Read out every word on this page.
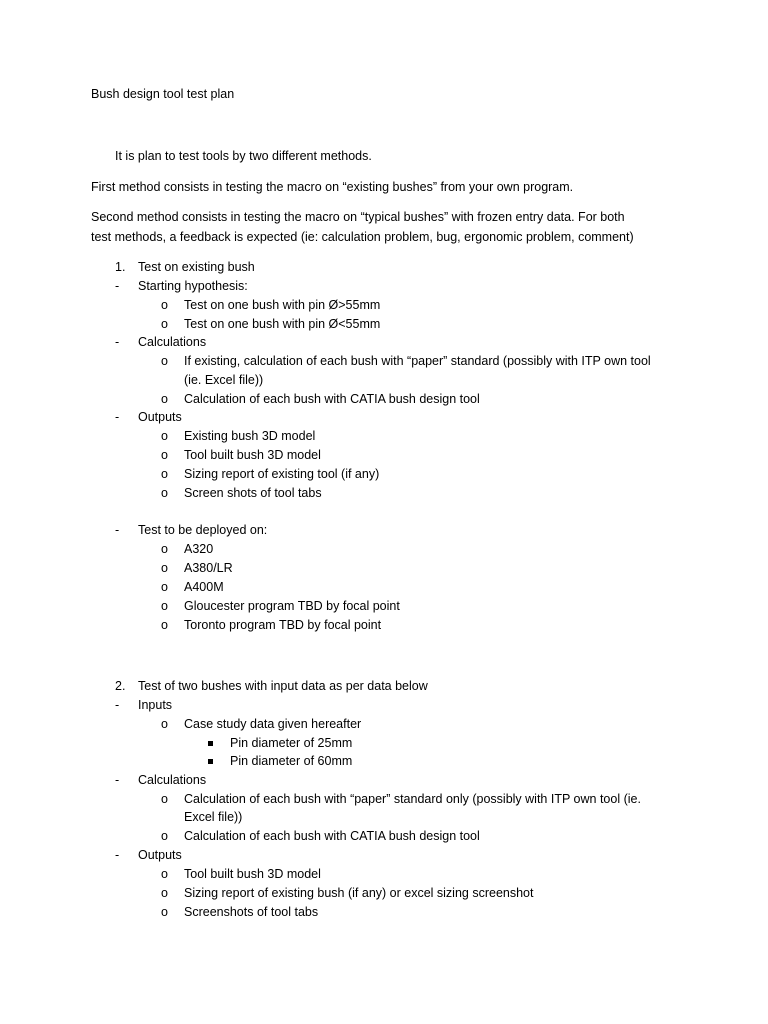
Bush design tool test plan
It is plan to test tools by two different methods.
First method consists in testing the macro on “existing bushes” from your own program.
Second method consists in testing the macro on “typical bushes” with frozen entry data. For both
test methods, a feedback is expected (ie: calculation problem, bug, ergonomic problem, comment)
1. Test on existing bush
- Starting hypothesis:
o Test on one bush with pin Ø>55mm
o Test on one bush with pin Ø<55mm
- Calculations
o If existing, calculation of each bush with “paper” standard (possibly with ITP own tool
(ie. Excel file))
o Calculation of each bush with CATIA bush design tool
- Outputs
o Existing bush 3D model
o Tool built bush 3D model
o Sizing report of existing tool (if any)
o Screen shots of tool tabs
- Test to be deployed on:
o A320
o A380/LR
o A400M
o Gloucester program TBD by focal point
o Toronto program TBD by focal point
2. Test of two bushes with input data as per data below
- Inputs
o Case study data given hereafter
Pin diameter of 25mm
Pin diameter of 60mm
- Calculations
o Calculation of each bush with “paper” standard only (possibly with ITP own tool (ie.
Excel file))
o Calculation of each bush with CATIA bush design tool
- Outputs
o Tool built bush 3D model
o Sizing report of existing bush (if any) or excel sizing screenshot
o Screenshots of tool tabs
